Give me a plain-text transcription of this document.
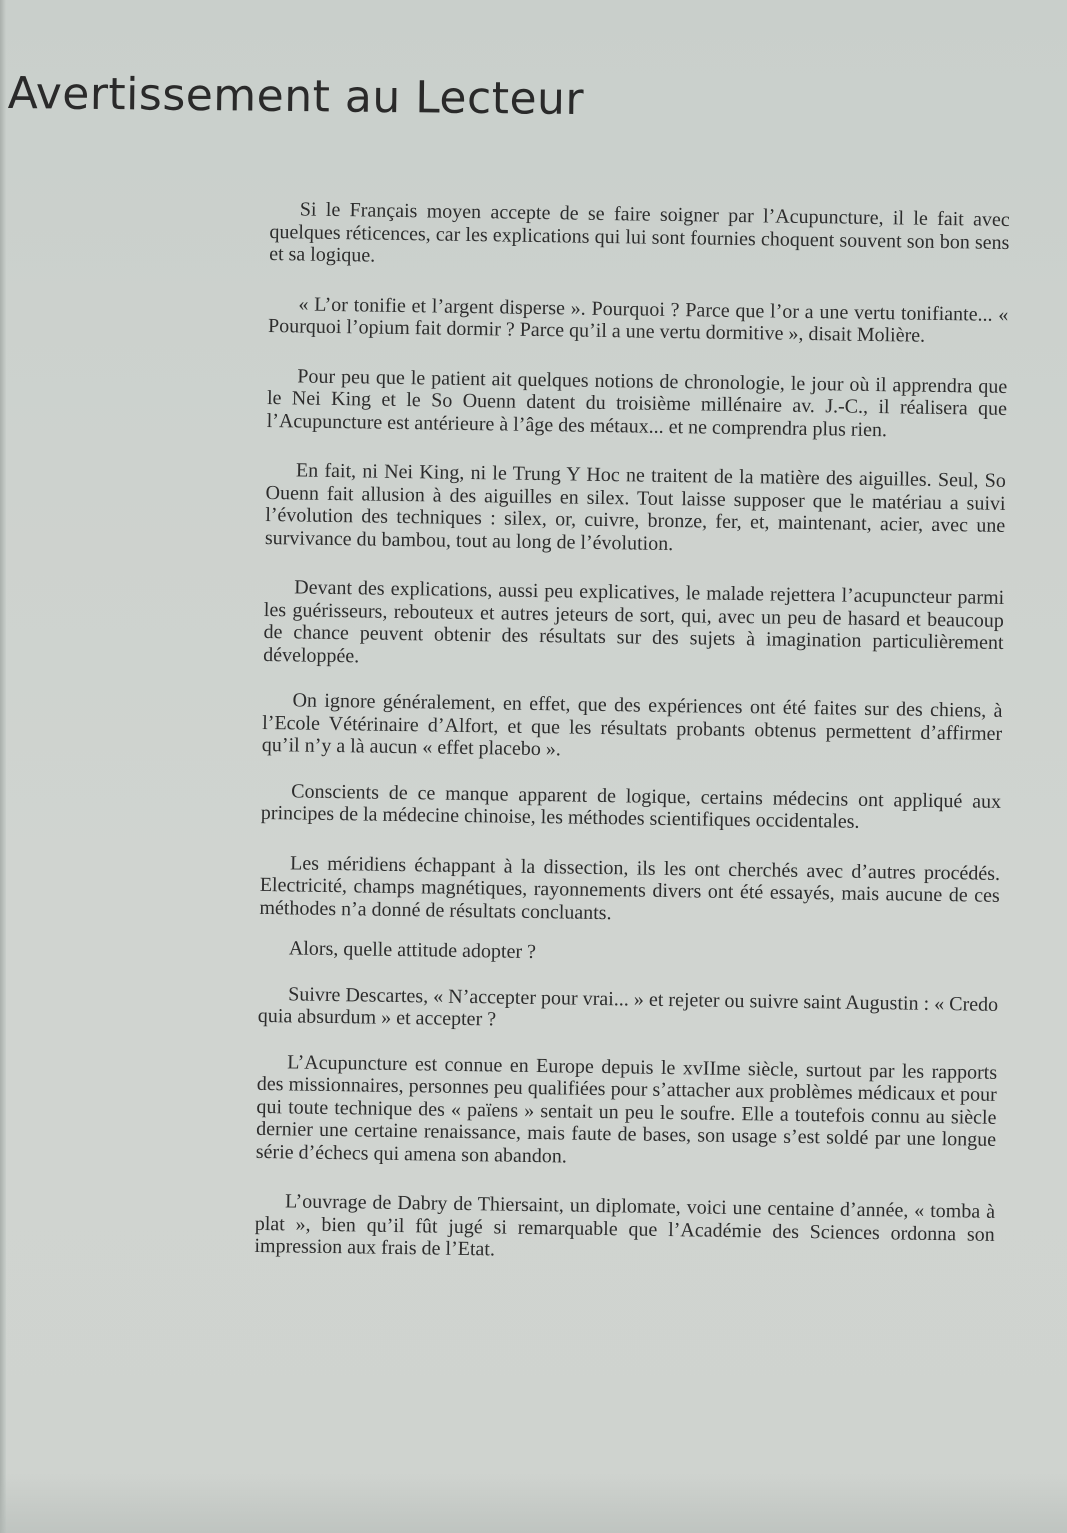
Avertissement au Lecteur

Si le Français moyen accepte de se faire soigner par l’Acupuncture, il le fait avec quelques réticences, car les explications qui lui sont fournies choquent souvent son bon sens et sa logique.

« L’or tonifie et l’argent disperse ». Pourquoi ? Parce que l’or a une vertu tonifiante... « Pourquoi l’opium fait dormir ? Parce qu’il a une vertu dormitive », disait Molière.

Pour peu que le patient ait quelques notions de chronologie, le jour où il apprendra que le Nei King et le So Ouenn datent du troisième millénaire av. J.-C., il réalisera que l’Acupuncture est antérieure à l’âge des métaux... et ne comprendra plus rien.

En fait, ni Nei King, ni le Trung Y Hoc ne traitent de la matière des aiguilles. Seul, So Ouenn fait allusion à des aiguilles en silex. Tout laisse supposer que le matériau a suivi l’évolution des techniques : silex, or, cuivre, bronze, fer, et, maintenant, acier, avec une survivance du bambou, tout au long de l’évolution.

Devant des explications, aussi peu explicatives, le malade rejettera l’acupuncteur parmi les guérisseurs, rebouteux et autres jeteurs de sort, qui, avec un peu de hasard et beaucoup de chance peuvent obtenir des résultats sur des sujets à imagination particulièrement développée.

On ignore généralement, en effet, que des expériences ont été faites sur des chiens, à l’Ecole Vétérinaire d’Alfort, et que les résultats probants obtenus permettent d’affirmer qu’il n’y a là aucun « effet placebo ».

Conscients de ce manque apparent de logique, certains médecins ont appliqué aux principes de la médecine chinoise, les méthodes scientifiques occidentales.

Les méridiens échappant à la dissection, ils les ont cherchés avec d’autres procédés. Electricité, champs magnétiques, rayonnements divers ont été essayés, mais aucune de ces méthodes n’a donné de résultats concluants.

Alors, quelle attitude adopter ?

Suivre Descartes, « N’accepter pour vrai... » et rejeter ou suivre saint Augustin : « Credo quia absurdum » et accepter ?

L’Acupuncture est connue en Europe depuis le xvIIme siècle, surtout par les rapports des missionnaires, personnes peu qualifiées pour s’attacher aux problèmes médicaux et pour qui toute technique des « païens » sentait un peu le soufre. Elle a toutefois connu au siècle dernier une certaine renaissance, mais faute de bases, son usage s’est soldé par une longue série d’échecs qui amena son abandon.

L’ouvrage de Dabry de Thiersaint, un diplomate, voici une centaine d’année, « tomba à plat », bien qu’il fût jugé si remarquable que l’Académie des Sciences ordonna son impression aux frais de l’Etat.
